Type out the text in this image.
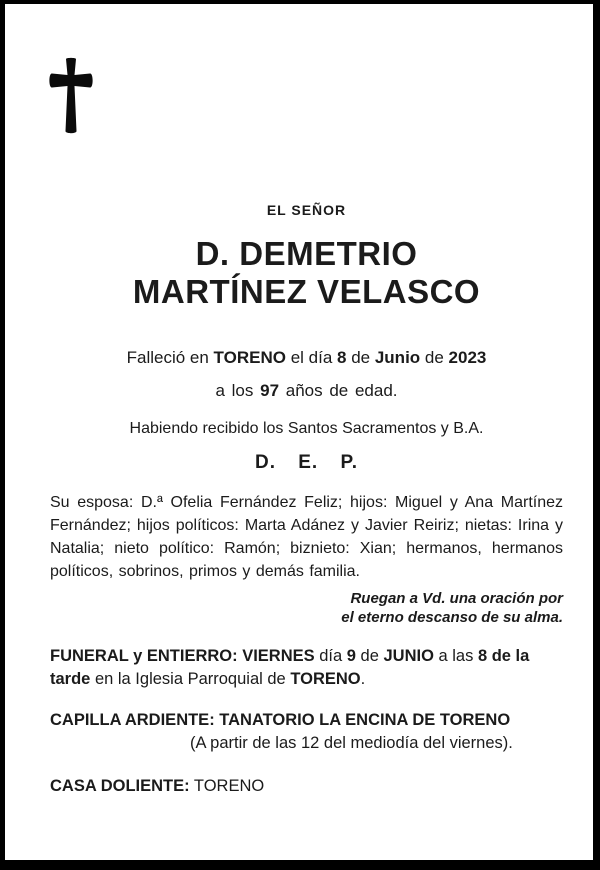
EL SEÑOR
D. DEMETRIO
MARTÍNEZ VELASCO
Falleció en TORENO el día 8 de Junio de 2023
a los 97 años de edad.
Habiendo recibido los Santos Sacramentos y B.A.
D. E. P.
Su esposa: D.ª Ofelia Fernández Feliz; hijos: Miguel y Ana Martínez Fernández; hijos políticos: Marta Adánez y Javier Reiriz; nietas: Irina y Natalia; nieto político: Ramón; biznieto: Xian; hermanos, hermanos políticos, sobrinos, primos y demás familia.
Ruegan a Vd. una oración por
el eterno descanso de su alma.
FUNERAL y ENTIERRO: VIERNES día 9 de JUNIO a las 8 de la tarde en la Iglesia Parroquial de TORENO.
CAPILLA ARDIENTE: TANATORIO LA ENCINA DE TORENO
(A partir de las 12 del mediodía del viernes).
CASA DOLIENTE: TORENO
